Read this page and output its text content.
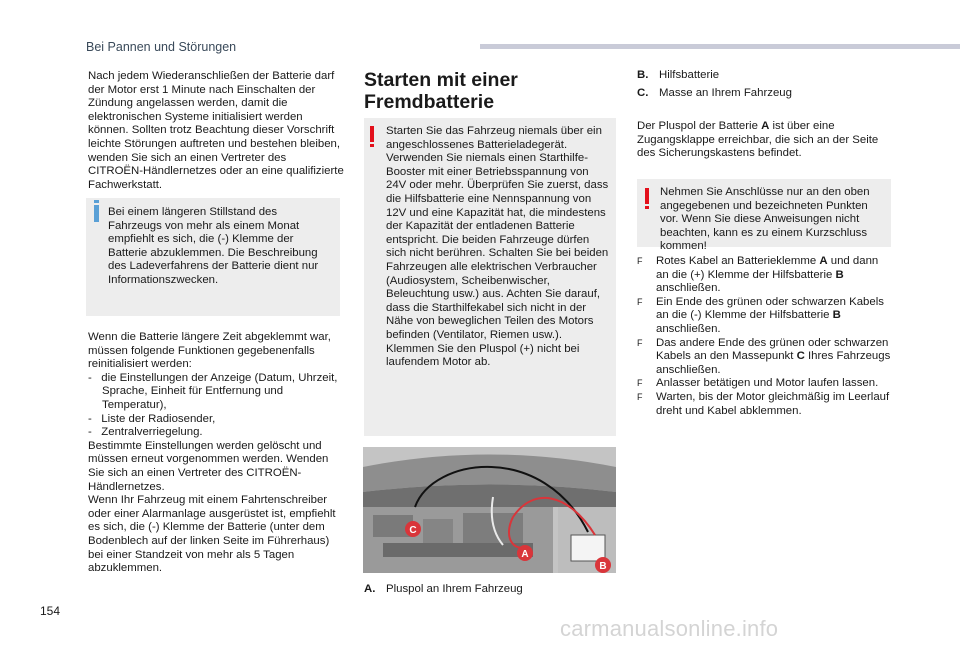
Bei Pannen und Störungen

Nach jedem Wiederanschließen der Batterie darf der Motor erst 1 Minute nach Einschalten der Zündung angelassen werden, damit die elektronischen Systeme initialisiert werden können. Sollten trotz Beachtung dieser Vorschrift leichte Störungen auftreten und bestehen bleiben, wenden Sie sich an einen Vertreter des CITROËN-Händlernetzes oder an eine qualifizierte Fachwerkstatt.

Bei einem längeren Stillstand des Fahrzeugs von mehr als einem Monat empfiehlt es sich, die (-) Klemme der Batterie abzuklemmen. Die Beschreibung des Ladeverfahrens der Batterie dient nur Informationszwecken.

Wenn die Batterie längere Zeit abgeklemmt war, müssen folgende Funktionen gegebenenfalls reinitialisiert werden:

-   die Einstellungen der Anzeige (Datum, Uhrzeit, Sprache, Einheit für Entfernung und Temperatur),
-   Liste der Radiosender,
-   Zentralverriegelung.

Bestimmte Einstellungen werden gelöscht und müssen erneut vorgenommen werden. Wenden Sie sich an einen Vertreter des CITROËN-Händlernetzes.

Wenn Ihr Fahrzeug mit einem Fahrtenschreiber oder einer Alarmanlage ausgerüstet ist, empfiehlt es sich, die (-) Klemme der Batterie (unter dem Bodenblech auf der linken Seite im Führerhaus) bei einer Standzeit von mehr als 5 Tagen abzuklemmen.

Starten mit einer
Fremdbatterie

Starten Sie das Fahrzeug niemals über ein angeschlossenes Batterieladegerät. Verwenden Sie niemals einen Starthilfe-Booster mit einer Betriebsspannung von 24V oder mehr. Überprüfen Sie zuerst, dass die Hilfsbatterie eine Nennspannung von 12V und eine Kapazität hat, die mindestens der Kapazität der entladenen Batterie entspricht. Die beiden Fahrzeuge dürfen sich nicht berühren. Schalten Sie bei beiden Fahrzeugen alle elektrischen Verbraucher (Audiosystem, Scheibenwischer, Beleuchtung usw.) aus. Achten Sie darauf, dass die Starthilfekabel sich nicht in der Nähe von beweglichen Teilen des Motors befinden (Ventilator, Riemen usw.). Klemmen Sie den Pluspol (+) nicht bei laufendem Motor ab.

C
A
B
A. Pluspol an Ihrem Fahrzeug
B. Hilfsbatterie
C. Masse an Ihrem Fahrzeug

Der Pluspol der Batterie A ist über eine Zugangsklappe erreichbar, die sich an der Seite des Sicherungskastens befindet.

Nehmen Sie Anschlüsse nur an den oben angegebenen und bezeichneten Punkten vor. Wenn Sie diese Anweisungen nicht beachten, kann es zu einem Kurzschluss kommen!

F Rotes Kabel an Batterieklemme A und dann an die (+) Klemme der Hilfsbatterie B anschließen.
F Ein Ende des grünen oder schwarzen Kabels an die (-) Klemme der Hilfsbatterie B anschließen.
F Das andere Ende des grünen oder schwarzen Kabels an den Massepunkt C Ihres Fahrzeugs anschließen.
F Anlasser betätigen und Motor laufen lassen.
F Warten, bis der Motor gleichmäßig im Leerlauf dreht und Kabel abklemmen.
154
carmanualsonline.info
